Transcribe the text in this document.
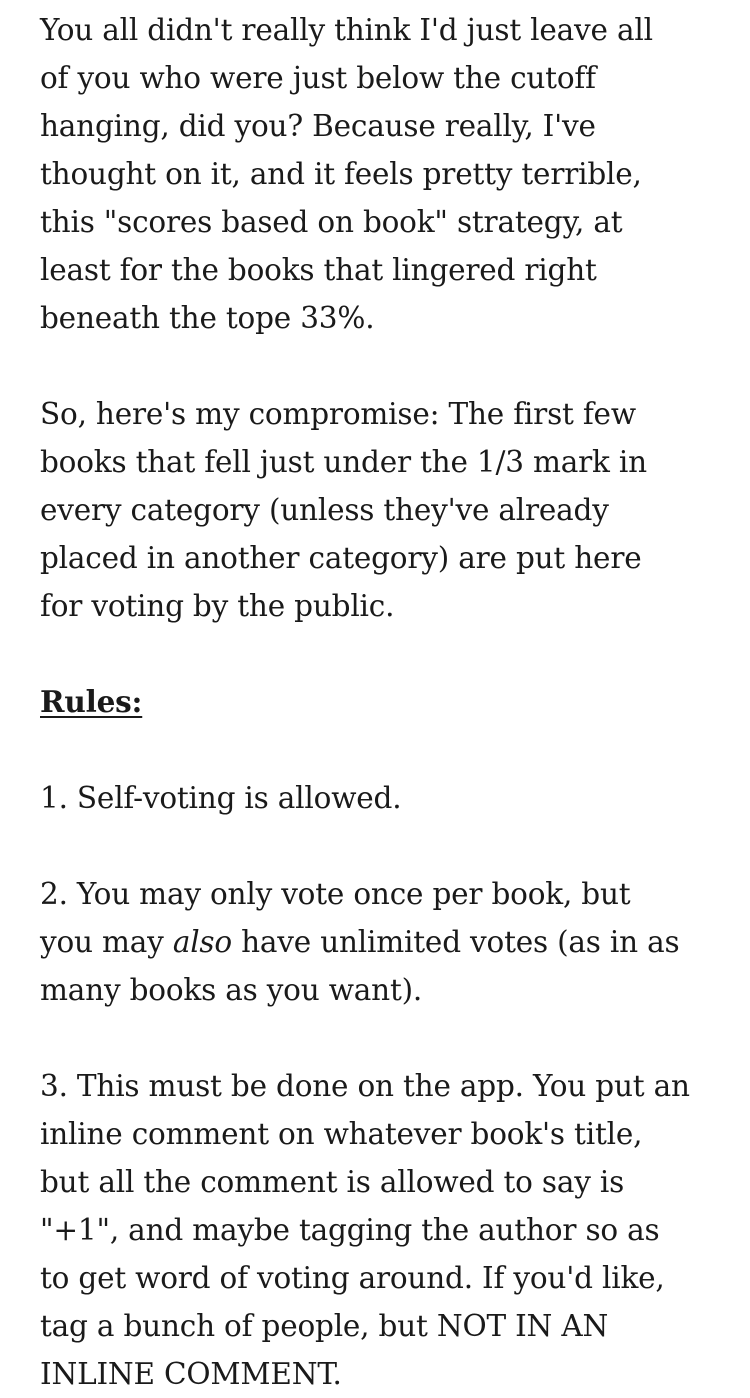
You all didn't really think I'd just leave all of you who were just below the cutoff hanging, did you? Because really, I've thought on it, and it feels pretty terrible, this "scores based on book" strategy, at least for the books that lingered right beneath the tope 33%.

So, here's my compromise: The first few books that fell just under the 1/3 mark in every category (unless they've already placed in another category) are put here for voting by the public.

Rules:

1. Self-voting is allowed.

2. You may only vote once per book, but you may also have unlimited votes (as in as many books as you want).

3. This must be done on the app. You put an inline comment on whatever book's title, but all the comment is allowed to say is "+1", and maybe tagging the author so as to get word of voting around. If you'd like, tag a bunch of people, but NOT IN AN INLINE COMMENT.
